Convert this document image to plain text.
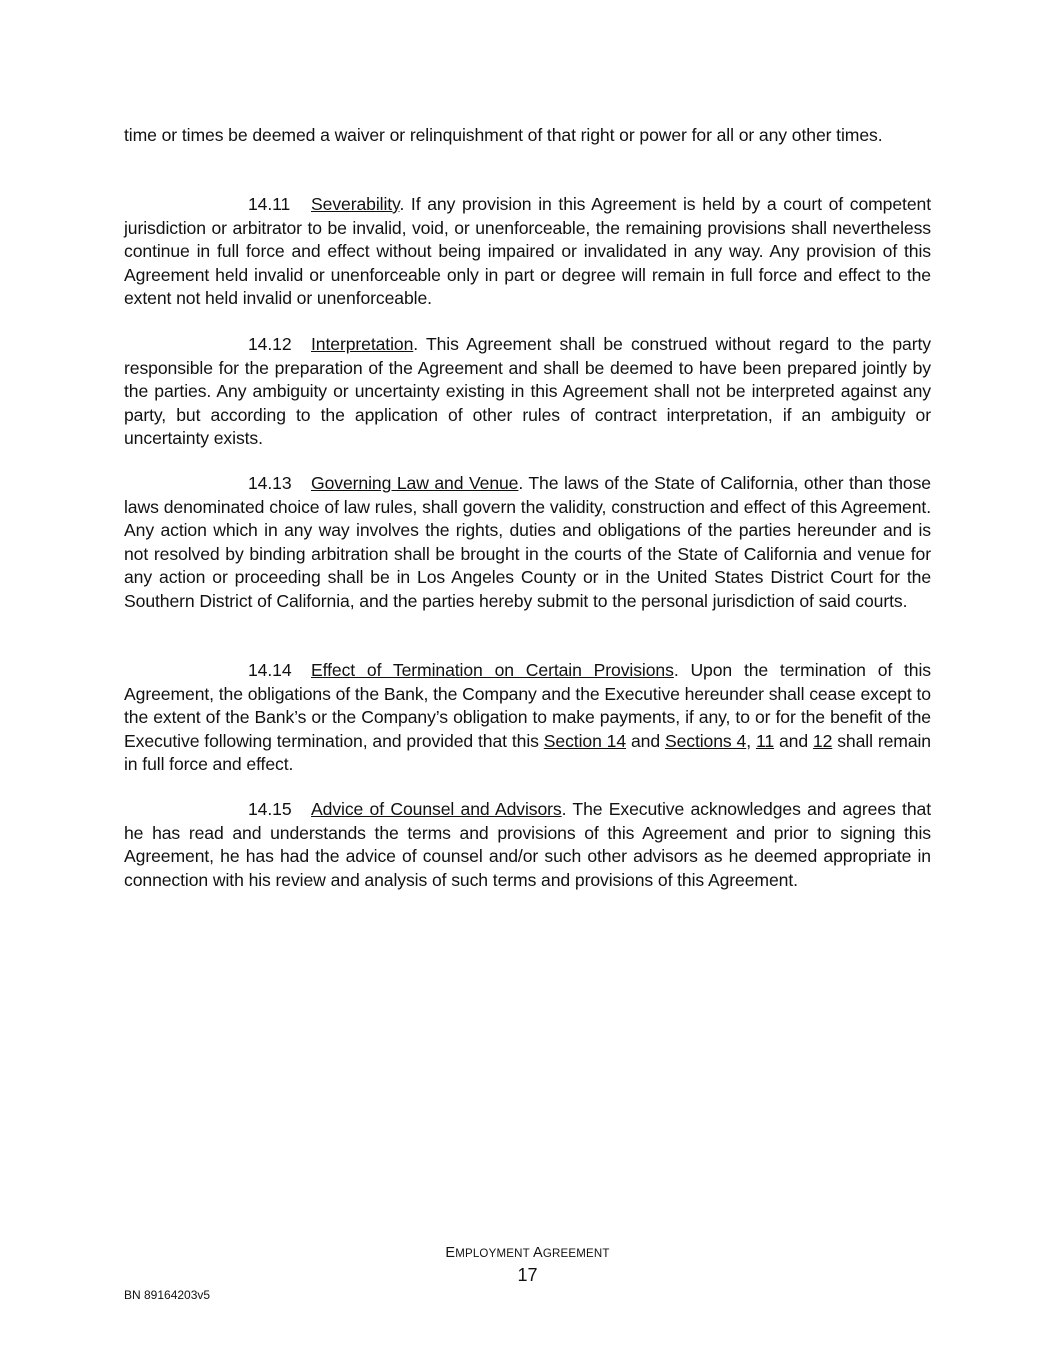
time or times be deemed a waiver or relinquishment of that right or power for all or any other times.

14.11 Severability. If any provision in this Agreement is held by a court of competent jurisdiction or arbitrator to be invalid, void, or unenforceable, the remaining provisions shall nevertheless continue in full force and effect without being impaired or invalidated in any way. Any provision of this Agreement held invalid or unenforceable only in part or degree will remain in full force and effect to the extent not held invalid or unenforceable.

14.12 Interpretation. This Agreement shall be construed without regard to the party responsible for the preparation of the Agreement and shall be deemed to have been prepared jointly by the parties. Any ambiguity or uncertainty existing in this Agreement shall not be interpreted against any party, but according to the application of other rules of contract interpretation, if an ambiguity or uncertainty exists.

14.13 Governing Law and Venue. The laws of the State of California, other than those laws denominated choice of law rules, shall govern the validity, construction and effect of this Agreement. Any action which in any way involves the rights, duties and obligations of the parties hereunder and is not resolved by binding arbitration shall be brought in the courts of the State of California and venue for any action or proceeding shall be in Los Angeles County or in the United States District Court for the Southern District of California, and the parties hereby submit to the personal jurisdiction of said courts.

14.14 Effect of Termination on Certain Provisions. Upon the termination of this Agreement, the obligations of the Bank, the Company and the Executive hereunder shall cease except to the extent of the Bank’s or the Company’s obligation to make payments, if any, to or for the benefit of the Executive following termination, and provided that this Section 14 and Sections 4, 11 and 12 shall remain in full force and effect.

14.15 Advice of Counsel and Advisors. The Executive acknowledges and agrees that he has read and understands the terms and provisions of this Agreement and prior to signing this Agreement, he has had the advice of counsel and/or such other advisors as he deemed appropriate in connection with his review and analysis of such terms and provisions of this Agreement.

EMPLOYMENT AGREEMENT
17
BN 89164203v5
